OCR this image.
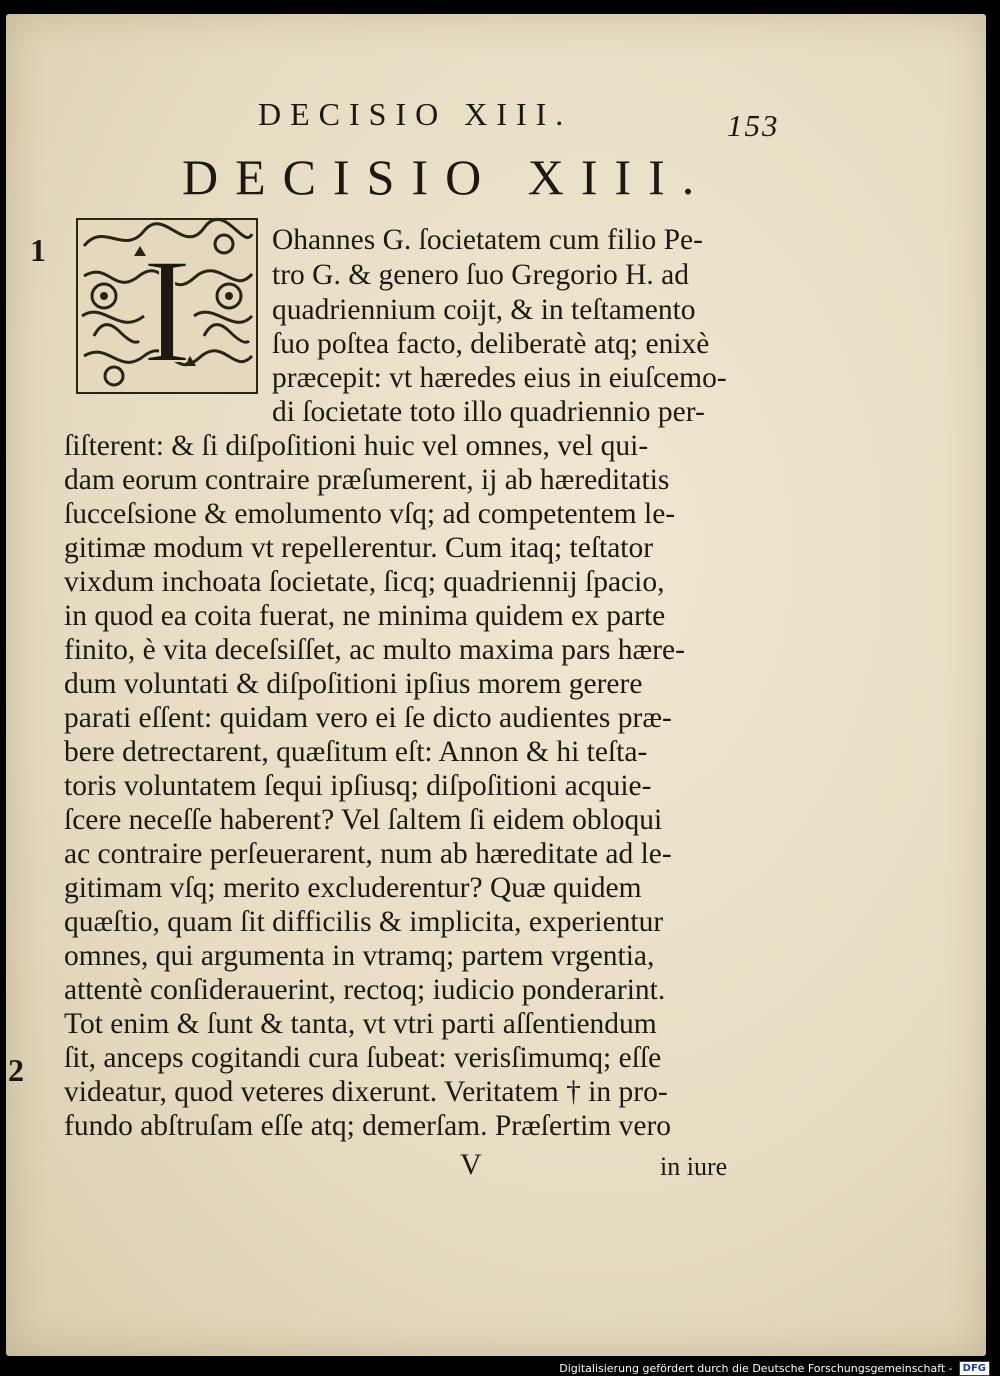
DECISIO XIII.	153
DECISIO XIII.
1
2
I	Ohannes G. ſocietatem cum filio Pe-

tro G. & genero ſuo Gregorio H. ad

quadriennium coijt, & in teſtamento

ſuo poſtea facto, deliberatè atq; enixè

præcepit: vt hæredes eius in eiuſcemo-

di ſocietate toto illo quadriennio per-

ſiſterent: & ſi diſpoſitioni huic vel omnes, vel qui-

dam eorum contraire præſumerent, ij ab hæreditatis

ſucceſsione & emolumento vſq; ad competentem le-

gitimæ modum vt repellerentur. Cum itaq; teſtator

vixdum inchoata ſocietate, ſicq; quadriennij ſpacio,

in quod ea coita fuerat, ne minima quidem ex parte

finito, è vita deceſsiſſet, ac multo maxima pars hære-

dum voluntati & diſpoſitioni ipſius morem gerere

parati eſſent: quidam vero ei ſe dicto audientes præ-

bere detrectarent, quæſitum eſt: Annon & hi teſta-

toris voluntatem ſequi ipſiusq; diſpoſitioni acquie-

ſcere neceſſe haberent? Vel ſaltem ſi eidem obloqui

ac contraire perſeuerarent, num ab hæreditate ad le-

gitimam vſq; merito excluderentur? Quæ quidem

quæſtio, quam ſit difficilis & implicita, experientur

omnes, qui argumenta in vtramq; partem vrgentia,

attentè conſiderauerint, rectoq; iudicio ponderarint.

Tot enim & ſunt & tanta, vt vtri parti aſſentiendum

ſit, anceps cogitandi cura ſubeat: verisſimumq; eſſe

videatur, quod veteres dixerunt. Veritatem † in pro-

fundo abſtruſam eſſe atq; demerſam. Præſertim vero

V	in iure
Digitalisierung gefördert durch die Deutsche Forschungsgemeinschaft -	DFG
